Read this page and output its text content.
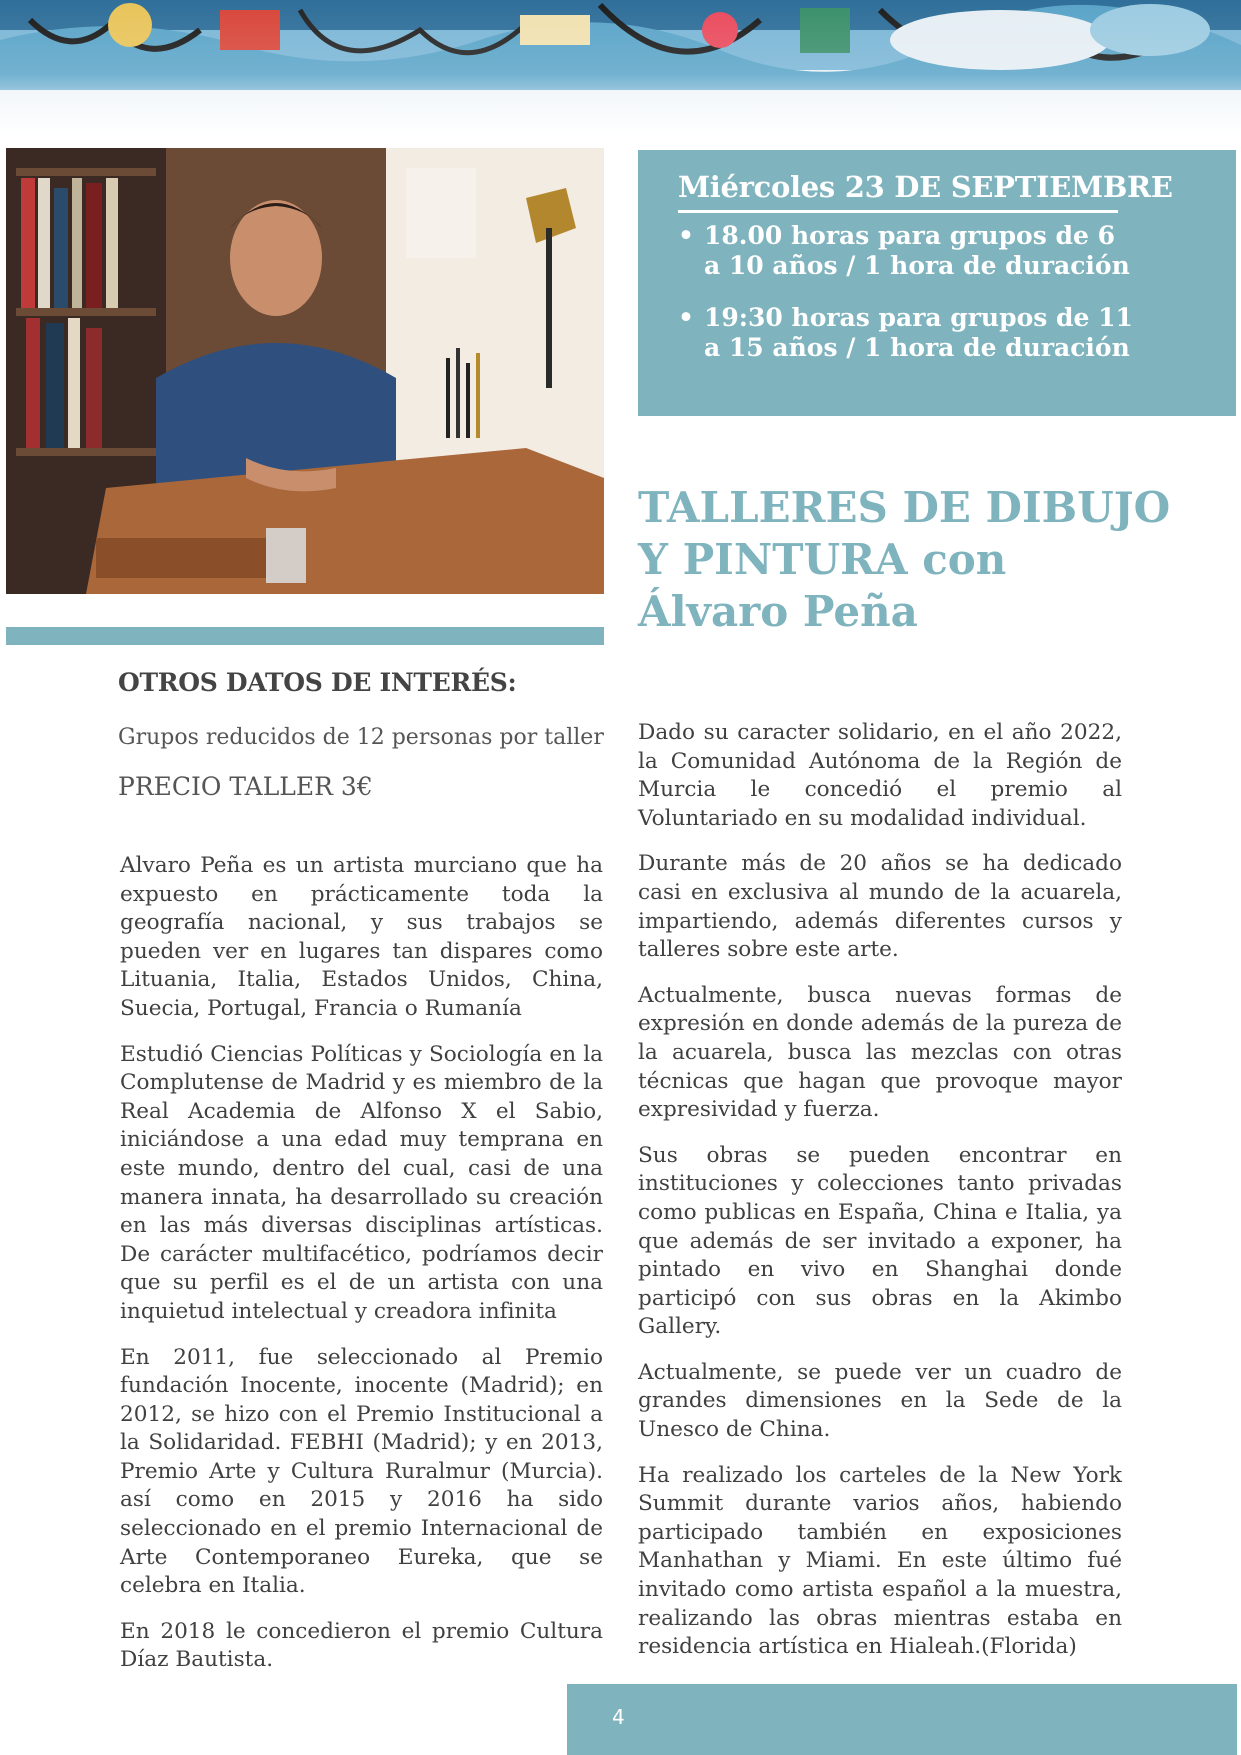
Miércoles 23 DE SEPTIEMBRE
• 18.00 horas para grupos de 6 a 10 años / 1 hora de duración
• 19:30 horas para grupos de 11 a 15 años / 1 hora de duración
TALLERES DE DIBUJO
Y PINTURA con
Álvaro Peña
OTROS DATOS DE INTERÉS:
Grupos reducidos de 12 personas por taller
PRECIO TALLER 3€

Alvaro Peña es un artista murciano que ha expuesto en prácticamente toda la geografía nacional, y sus trabajos se pueden ver en lugares tan dispares como Lituania, Italia, Estados Unidos, China, Suecia, Portugal, Francia o Rumanía

Estudió Ciencias Políticas y Sociología en la Complutense de Madrid y es miembro de la Real Academia de Alfonso X el Sabio, iniciándose a una edad muy temprana en este mundo, dentro del cual, casi de una manera innata, ha desarrollado su creación en las más diversas disciplinas artísticas. De carácter multifacético, podríamos decir que su perfil es el de un artista con una inquietud intelectual y creadora infinita

En 2011, fue seleccionado al Premio fundación Inocente, inocente (Madrid); en 2012, se hizo con el Premio Institucional a la Solidaridad. FEBHI (Madrid); y en 2013, Premio Arte y Cultura Ruralmur (Murcia). así como en 2015 y 2016 ha sido seleccionado en el premio Internacional de Arte Contemporaneo Eureka, que se celebra en Italia.

En 2018 le concedieron el premio Cultura Díaz Bautista.

Dado su caracter solidario, en el año 2022, la Comunidad Autónoma de la Región de Murcia le concedió el premio al Voluntariado en su modalidad individual.

Durante más de 20 años se ha dedicado casi en exclusiva al mundo de la acuarela, impartiendo, además diferentes cursos y talleres sobre este arte.

Actualmente, busca nuevas formas de expresión en donde además de la pureza de la acuarela, busca las mezclas con otras técnicas que hagan que provoque mayor expresividad y fuerza.

Sus obras se pueden encontrar en instituciones y colecciones tanto privadas como publicas en España, China e Italia, ya que además de ser invitado a exponer, ha pintado en vivo en Shanghai donde participó con sus obras en la Akimbo Gallery.

Actualmente, se puede ver un cuadro de grandes dimensiones en la Sede de la Unesco de China.

Ha realizado los carteles de la New York Summit durante varios años, habiendo participado también en exposiciones Manhathan y Miami. En este último fué invitado como artista español a la muestra, realizando las obras mientras estaba en residencia artística en Hialeah.(Florida)

4
